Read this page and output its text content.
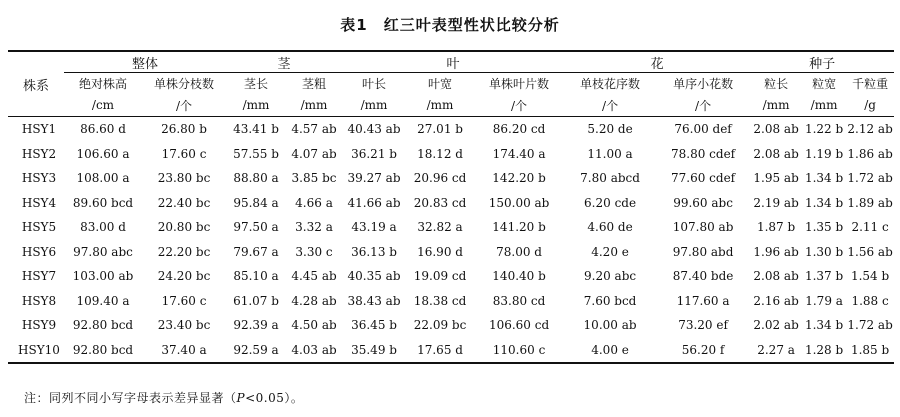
表1 红三叶表型性状比较分析
株系	整体		茎		叶			花		种子		
	绝对株高	单株分枝数	茎长	茎粗	叶长	叶宽	单株叶片数	单枝花序数	单序小花数	粒长	粒宽	千粒重
	/cm	/个	/mm	/mm	/mm	/mm	/个	/个	/个	/mm	/mm	/g
HSY1	86.60 d	26.80 b	43.41 b	4.57 ab	40.43 ab	27.01 b	86.20 cd	5.20 de	76.00 def	2.08 ab	1.22 b	2.12 ab
HSY2	106.60 a	17.60 c	57.55 b	4.07 ab	36.21 b	18.12 d	174.40 a	11.00 a	78.80 cdef	2.08 ab	1.19 b	1.86 ab
HSY3	108.00 a	23.80 bc	88.80 a	3.85 bc	39.27 ab	20.96 cd	142.20 b	7.80 abcd	77.60 cdef	1.95 ab	1.34 b	1.72 ab
HSY4	89.60 bcd	22.40 bc	95.84 a	4.66 a	41.66 ab	20.83 cd	150.00 ab	6.20 cde	99.60 abc	2.19 ab	1.34 b	1.89 ab
HSY5	83.00 d	20.80 bc	97.50 a	3.32 a	43.19 a	32.82 a	141.20 b	4.60 de	107.80 ab	1.87 b	1.35 b	2.11 c
HSY6	97.80 abc	22.20 bc	79.67 a	3.30 c	36.13 b	16.90 d	78.00 d	4.20 e	97.80 abd	1.96 ab	1.30 b	1.56 ab
HSY7	103.00 ab	24.20 bc	85.10 a	4.45 ab	40.35 ab	19.09 cd	140.40 b	9.20 abc	87.40 bde	2.08 ab	1.37 b	1.54 b
HSY8	109.40 a	17.60 c	61.07 b	4.28 ab	38.43 ab	18.38 cd	83.80 cd	7.60 bcd	117.60 a	2.16 ab	1.79 a	1.88 c
HSY9	92.80 bcd	23.40 bc	92.39 a	4.50 ab	36.45 b	22.09 bc	106.60 cd	10.00 ab	73.20 ef	2.02 ab	1.34 b	1.72 ab
HSY10	92.80 bcd	37.40 a	92.59 a	4.03 ab	35.49 b	17.65 d	110.60 c	4.00 e	56.20 f	2.27 a	1.28 b	1.85 b
注：同列不同小写字母表示差异显著（P<0.05）。
